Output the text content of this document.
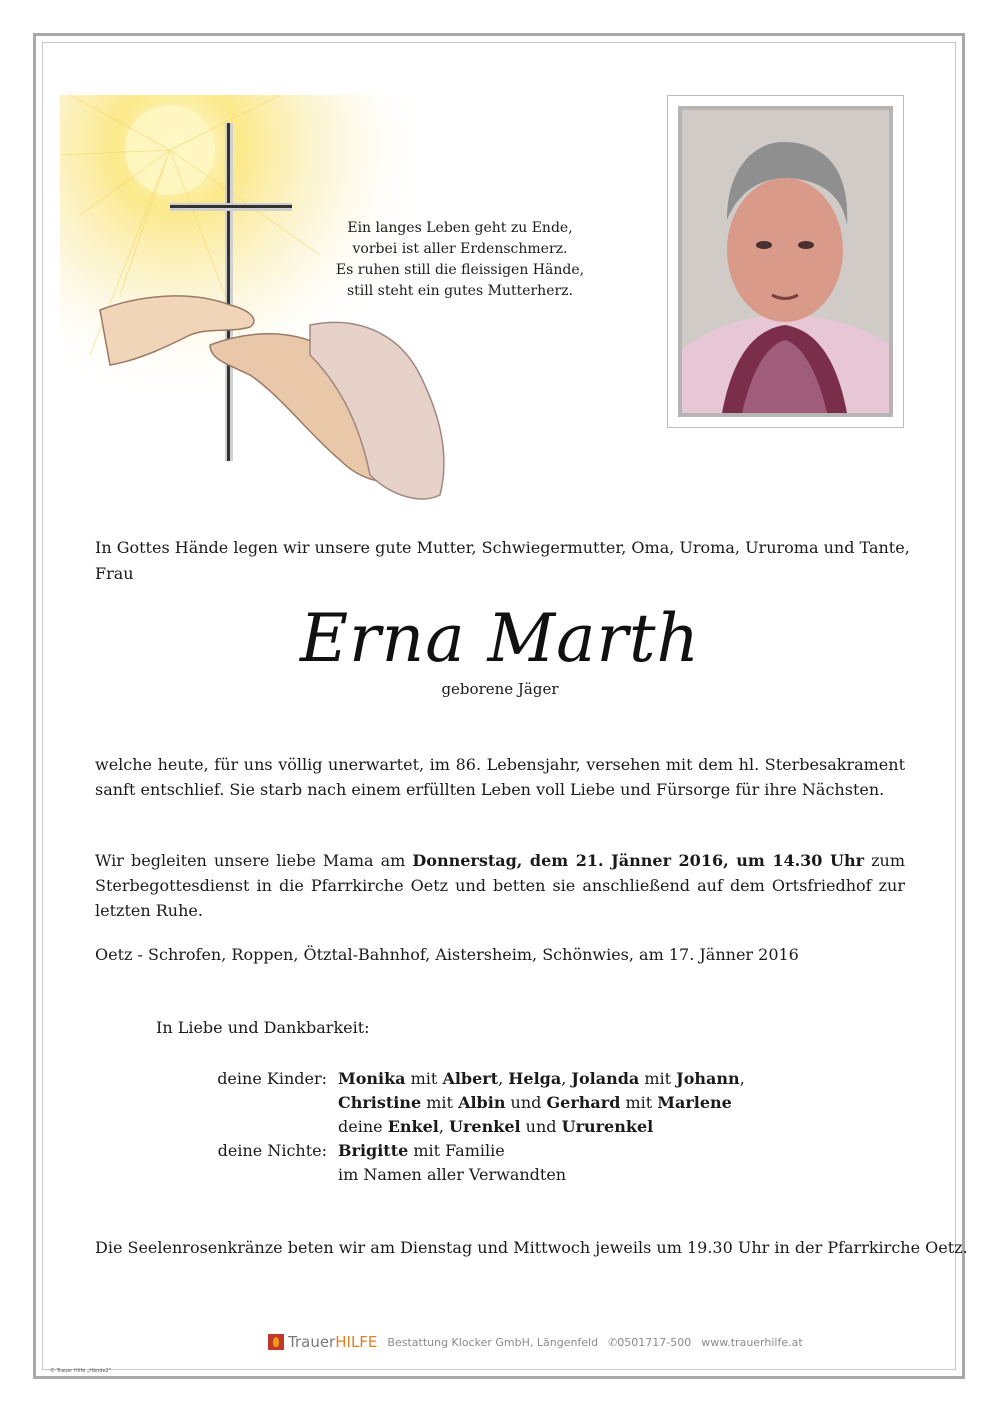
Ein langes Leben geht zu Ende,
vorbei ist aller Erdenschmerz.
Es ruhen still die fleissigen Hände,
still steht ein gutes Mutterherz.
In Gottes Hände legen wir unsere gute Mutter, Schwiegermutter, Oma, Uroma, Ururoma und Tante, Frau
Erna Marth
geborene Jäger
welche heute, für uns völlig unerwartet, im 86. Lebensjahr, versehen mit dem hl. Sterbesakrament sanft entschlief. Sie starb nach einem erfüllten Leben voll Liebe und Fürsorge für ihre Nächsten.
Wir begleiten unsere liebe Mama am Donnerstag, dem 21. Jänner 2016, um 14.30 Uhr zum Sterbegottesdienst in die Pfarrkirche Oetz und betten sie anschließend auf dem Ortsfriedhof zur letzten Ruhe.
Oetz - Schrofen, Roppen, Ötztal-Bahnhof, Aistersheim, Schönwies, am 17. Jänner 2016
In Liebe und Dankbarkeit:
deine Kinder: Monika mit Albert, Helga, Jolanda mit Johann,
Christine mit Albin und Gerhard mit Marlene
deine Enkel, Urenkel und Ururenkel
deine Nichte: Brigitte mit Familie
im Namen aller Verwandten
Die Seelenrosenkränze beten wir am Dienstag und Mittwoch jeweils um 19.30 Uhr in der Pfarrkirche Oetz.
Trauer HILFE Bestattung Klocker GmbH, Längenfeld ✆0501717-500 www.trauerhilfe.at
© Trauer Hilfe „Hände2“
